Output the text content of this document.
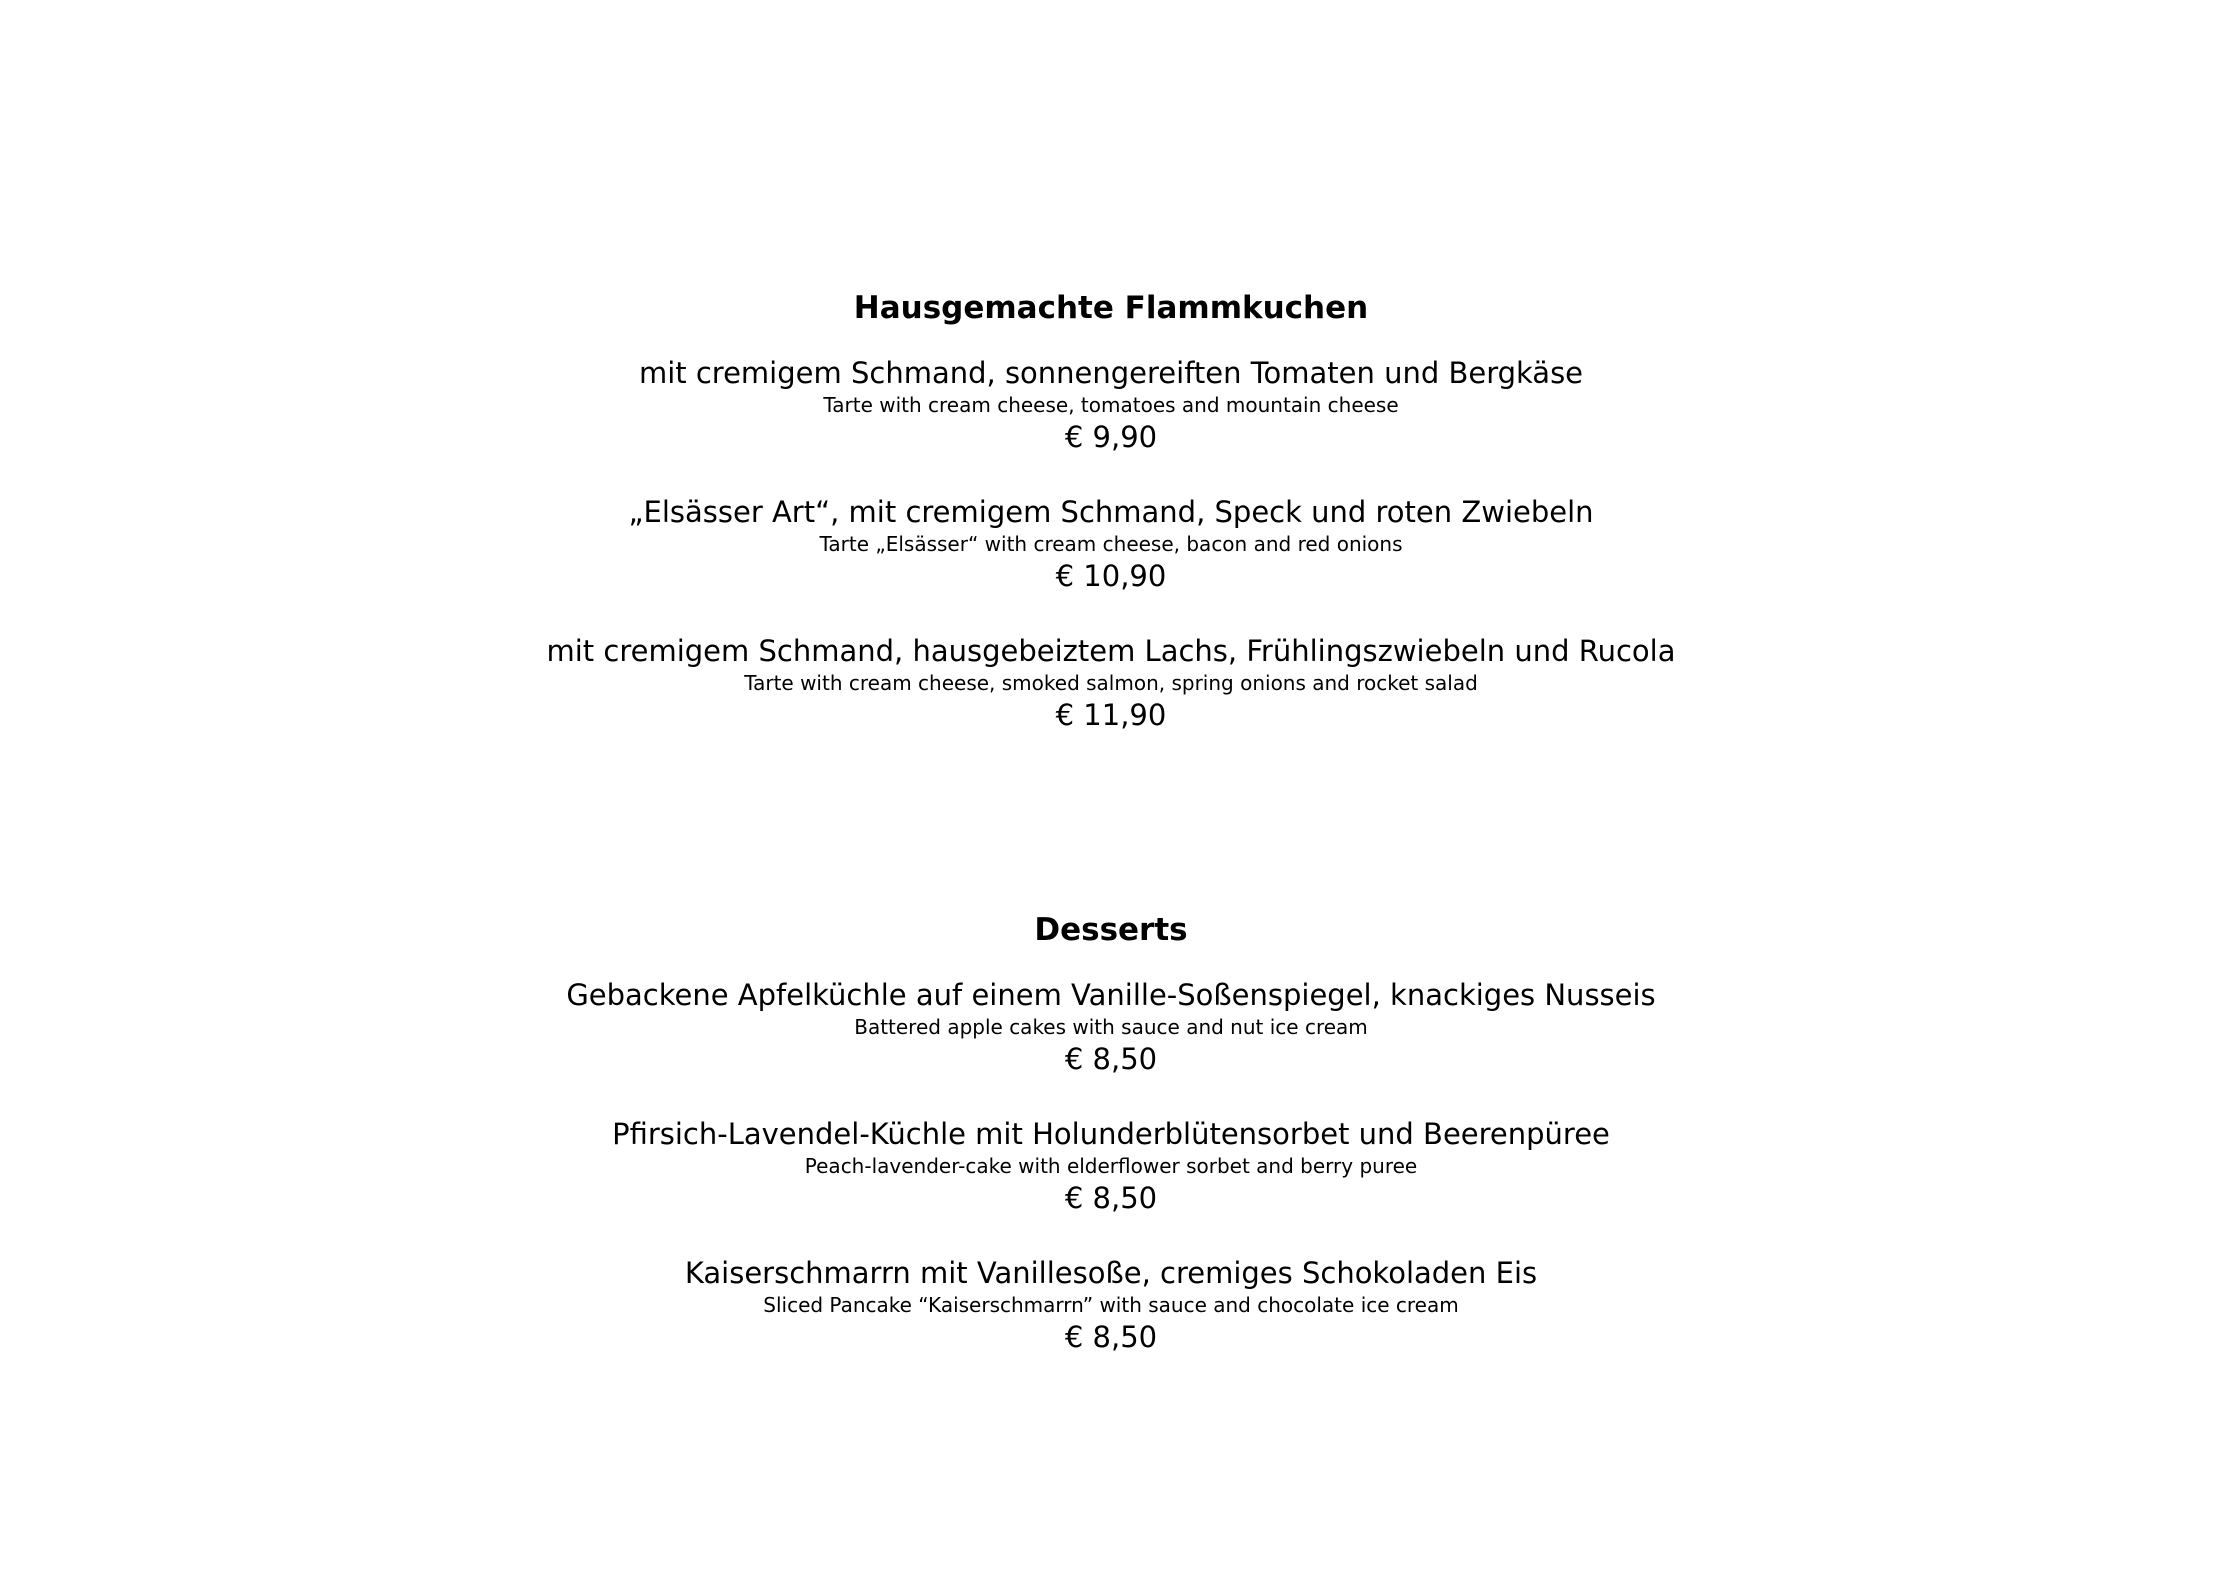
Hausgemachte Flammkuchen
mit cremigem Schmand, sonnengereiften Tomaten und Bergkäse
Tarte with cream cheese, tomatoes and mountain cheese
€ 9,90
„Elsässer Art“, mit cremigem Schmand, Speck und roten Zwiebeln
Tarte „Elsässer“ with cream cheese, bacon and red onions
€ 10,90
mit cremigem Schmand, hausgebeiztem Lachs, Frühlingszwiebeln und Rucola
Tarte with cream cheese, smoked salmon, spring onions and rocket salad
€ 11,90
Desserts
Gebackene Apfelküchle auf einem Vanille-Soßenspiegel, knackiges Nusseis
Battered apple cakes with sauce and nut ice cream
€ 8,50
Pfirsich-Lavendel-Küchle mit Holunderblütensorbet und Beerenpüree
Peach-lavender-cake with elderflower sorbet and berry puree
€ 8,50
Kaiserschmarrn mit Vanillesoße, cremiges Schokoladen Eis
Sliced Pancake “Kaiserschmarrn” with sauce and chocolate ice cream
€ 8,50
